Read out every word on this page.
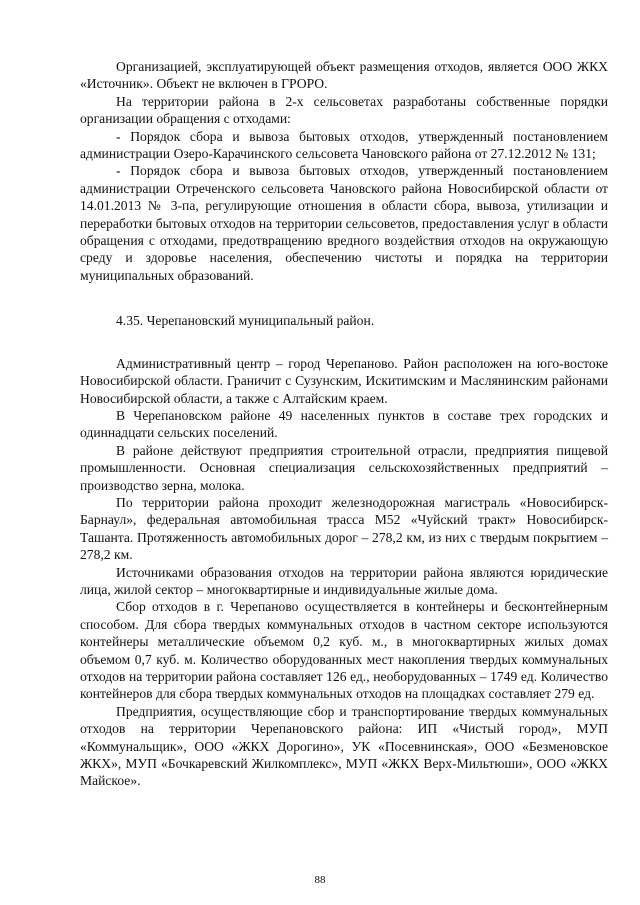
Организацией, эксплуатирующей объект размещения отходов, является ООО ЖКХ «Источник». Объект не включен в ГРОРО.

На территории района в 2-х сельсоветах разработаны собственные порядки организации обращения с отходами:

- Порядок сбора и вывоза бытовых отходов, утвержденный постановлением администрации Озеро-Карачинского сельсовета Чановского района от 27.12.2012 № 131;

- Порядок сбора и вывоза бытовых отходов, утвержденный постановлением администрации Отреченского сельсовета Чановского района Новосибирской области от 14.01.2013 № 3-па, регулирующие отношения в области сбора, вывоза, утилизации и переработки бытовых отходов на территории сельсоветов, предоставления услуг в области обращения с отходами, предотвращению вредного воздействия отходов на окружающую среду и здоровье населения, обеспечению чистоты и порядка на территории муниципальных образований.

4.35. Черепановский муниципальный район.

Административный центр – город Черепаново. Район расположен на юго-востоке Новосибирской области. Граничит с Сузунским, Искитимским и Маслянинским районами Новосибирской области, а также с Алтайским краем.

В Черепановском районе 49 населенных пунктов в составе трех городских и одиннадцати сельских поселений.

В районе действуют предприятия строительной отрасли, предприятия пищевой промышленности. Основная специализация сельскохозяйственных предприятий – производство зерна, молока.

По территории района проходит железнодорожная магистраль «Новосибирск-Барнаул», федеральная автомобильная трасса М52 «Чуйский тракт» Новосибирск-Ташанта. Протяженность автомобильных дорог – 278,2 км, из них с твердым покрытием – 278,2 км.

Источниками образования отходов на территории района являются юридические лица, жилой сектор – многоквартирные и индивидуальные жилые дома.

Сбор отходов в г. Черепаново осуществляется в контейнеры и бесконтейнерным способом. Для сбора твердых коммунальных отходов в частном секторе используются контейнеры металлические объемом 0,2 куб. м., в многоквартирных жилых домах объемом 0,7 куб. м. Количество оборудованных мест накопления твердых коммунальных отходов на территории района составляет 126 ед., необорудованных – 1749 ед. Количество контейнеров для сбора твердых коммунальных отходов на площадках составляет 279 ед.

Предприятия, осуществляющие сбор и транспортирование твердых коммунальных отходов на территории Черепановского района: ИП «Чистый город», МУП «Коммунальщик», ООО «ЖКХ Дорогино», УК «Посевнинская», ООО «Безменовское ЖКХ», МУП «Бочкаревский Жилкомплекс», МУП «ЖКХ Верх-Мильтюши», ООО «ЖКХ Майское».

88
